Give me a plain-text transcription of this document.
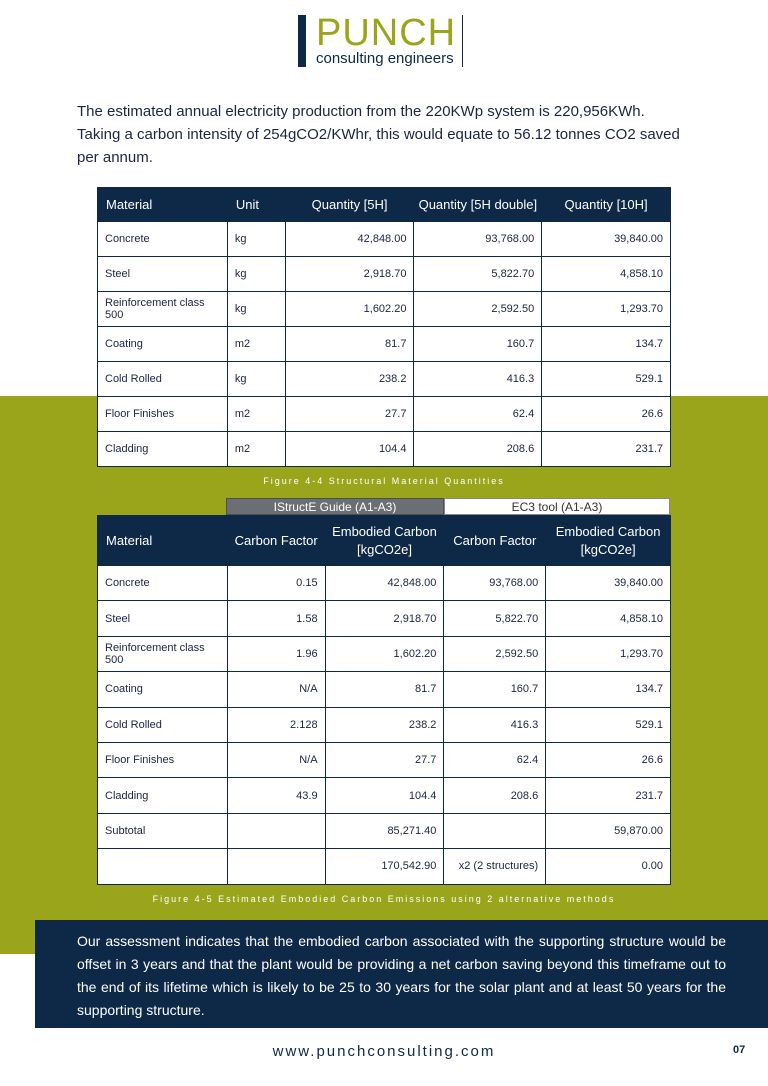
PUNCH
consulting engineers

The estimated annual electricity production from the 220KWp system is 220,956KWh.

Taking a carbon intensity of 254gCO2/KWhr, this would equate to 56.12 tonnes CO2 saved per annum.

Material	Unit	Quantity [5H]	Quantity [5H double]	Quantity [10H]
Concrete	kg	42,848.00	93,768.00	39,840.00
Steel	kg	2,918.70	5,822.70	4,858.10
Reinforcement class 500	kg	1,602.20	2,592.50	1,293.70
Coating	m2	81.7	160.7	134.7
Cold Rolled	kg	238.2	416.3	529.1
Floor Finishes	m2	27.7	62.4	26.6
Cladding	m2	104.4	208.6	231.7
Figure 4-4 Structural Material Quantities
IStructE Guide (A1-A3)	EC3 tool (A1-A3)
Material	Carbon Factor	Embodied Carbon [kgCO2e]	Carbon Factor	Embodied Carbon [kgCO2e]
Concrete	0.15	42,848.00	93,768.00	39,840.00
Steel	1.58	2,918.70	5,822.70	4,858.10
Reinforcement class 500	1.96	1,602.20	2,592.50	1,293.70
Coating	N/A	81.7	160.7	134.7
Cold Rolled	2.128	238.2	416.3	529.1
Floor Finishes	N/A	27.7	62.4	26.6
Cladding	43.9	104.4	208.6	231.7
Subtotal		85,271.40		59,870.00
		170,542.90	x2 (2 structures)	0.00
Figure 4-5 Estimated Embodied Carbon Emissions using 2 alternative methods
Our assessment indicates that the embodied carbon associated with the supporting structure would be offset in 3 years and that the plant would be providing a net carbon saving beyond this timeframe out to the end of its lifetime which is likely to be 25 to 30 years for the solar plant and at least 50 years for the supporting structure.
www.punchconsulting.com	07
